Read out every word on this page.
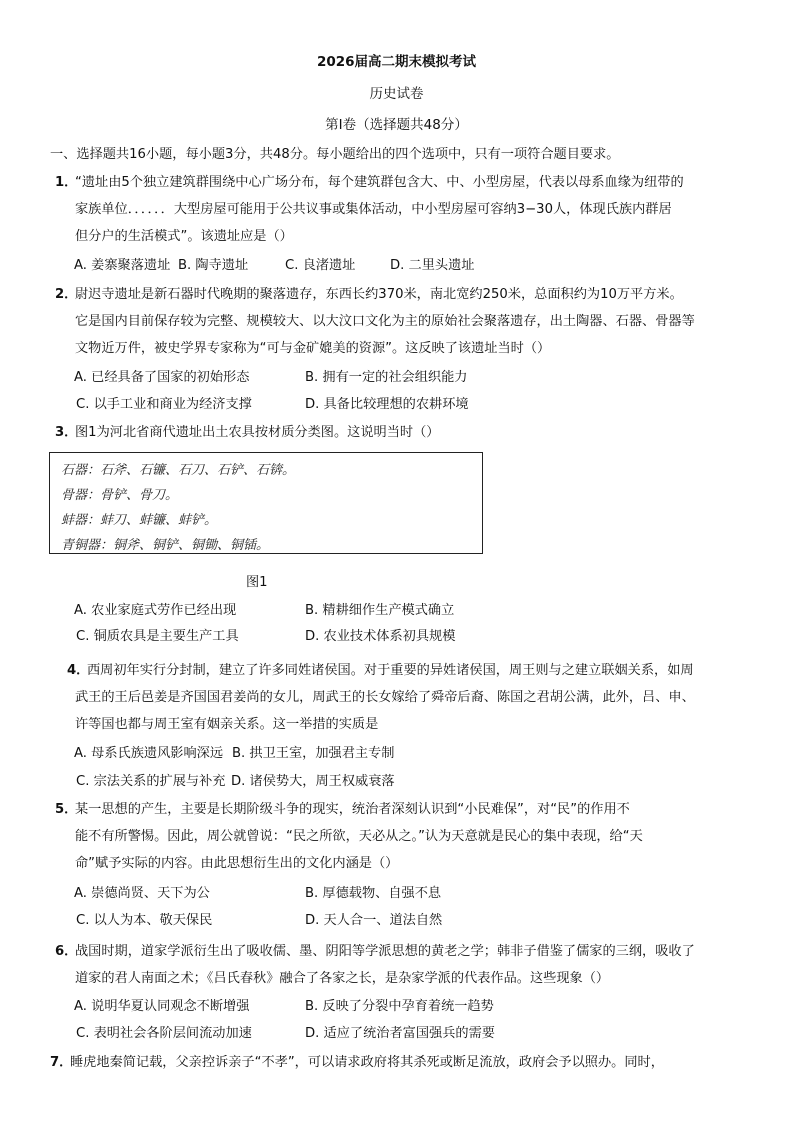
2026届高二期末模拟考试
历史试卷
第Ⅰ卷（选择题共48分）
一、选择题共16小题，每小题3分，共48分。每小题给出的四个选项中，只有一项符合题目要求。
1．
“遗址由5个独立建筑群围绕中心广场分布，每个建筑群包含大、中、小型房屋，代表以母系血缘为纽带的
家族单位．．．．．．大型房屋可能用于公共议事或集体活动，中小型房屋可容纳3−30人，体现氏族内群居
但分户的生活模式”。该遗址应是（）
A. 姜寨聚落遗址 B. 陶寺遗址	C. 良渚遗址	D. 二里头遗址
2．
尉迟寺遗址是新石器时代晚期的聚落遗存，东西长约370米，南北宽约250米，总面积约为10万平方米。
它是国内目前保存较为完整、规模较大、以大汶口文化为主的原始社会聚落遗存，出土陶器、石器、骨器等
文物近万件，被史学界专家称为“可与金矿媲美的资源”。这反映了该遗址当时（）
A. 已经具备了国家的初始形态	B. 拥有一定的社会组织能力
C. 以手工业和商业为经济支撑	D. 具备比较理想的农耕环境
3．
图1为河北省商代遗址出土农具按材质分类图。这说明当时（）
石器：石斧、石镰、石刀、石铲、石锛。
骨器：骨铲、骨刀。
蚌器：蚌刀、蚌镰、蚌铲。
青铜器：铜斧、铜铲、铜锄、铜锸。
图1
A. 农业家庭式劳作已经出现	B. 精耕细作生产模式确立
C. 铜质农具是主要生产工具	D. 农业技术体系初具规模
4．
西周初年实行分封制，建立了许多同姓诸侯国。对于重要的异姓诸侯国，周王则与之建立联姻关系，如周
武王的王后邑姜是齐国国君姜尚的女儿，周武王的长女嫁给了舜帝后裔、陈国之君胡公满，此外，吕、申、
许等国也都与周王室有姻亲关系。这一举措的实质是
A. 母系氏族遗风影响深远 B. 拱卫王室，加强君主专制
C. 宗法关系的扩展与补充 D. 诸侯势大，周王权威衰落
5．
某一思想的产生，主要是长期阶级斗争的现实，统治者深刻认识到“小民难保”，对“民”的作用不
能不有所警惕。因此，周公就曾说：“民之所欲，天必从之。”认为天意就是民心的集中表现，给“天
命”赋予实际的内容。由此思想衍生出的文化内涵是（）
A. 崇德尚贤、天下为公	B. 厚德载物、自强不息
C. 以人为本、敬天保民	D. 天人合一、道法自然
6．
战国时期，道家学派衍生出了吸收儒、墨、阴阳等学派思想的黄老之学；韩非子借鉴了儒家的三纲，吸收了
道家的君人南面之术；《吕氏春秋》融合了各家之长，是杂家学派的代表作品。这些现象（）
A. 说明华夏认同观念不断增强	B. 反映了分裂中孕育着统一趋势
C. 表明社会各阶层间流动加速	D. 适应了统治者富国强兵的需要
7．
睡虎地秦简记载，父亲控诉亲子“不孝”，可以请求政府将其杀死或断足流放，政府会予以照办。同时，
